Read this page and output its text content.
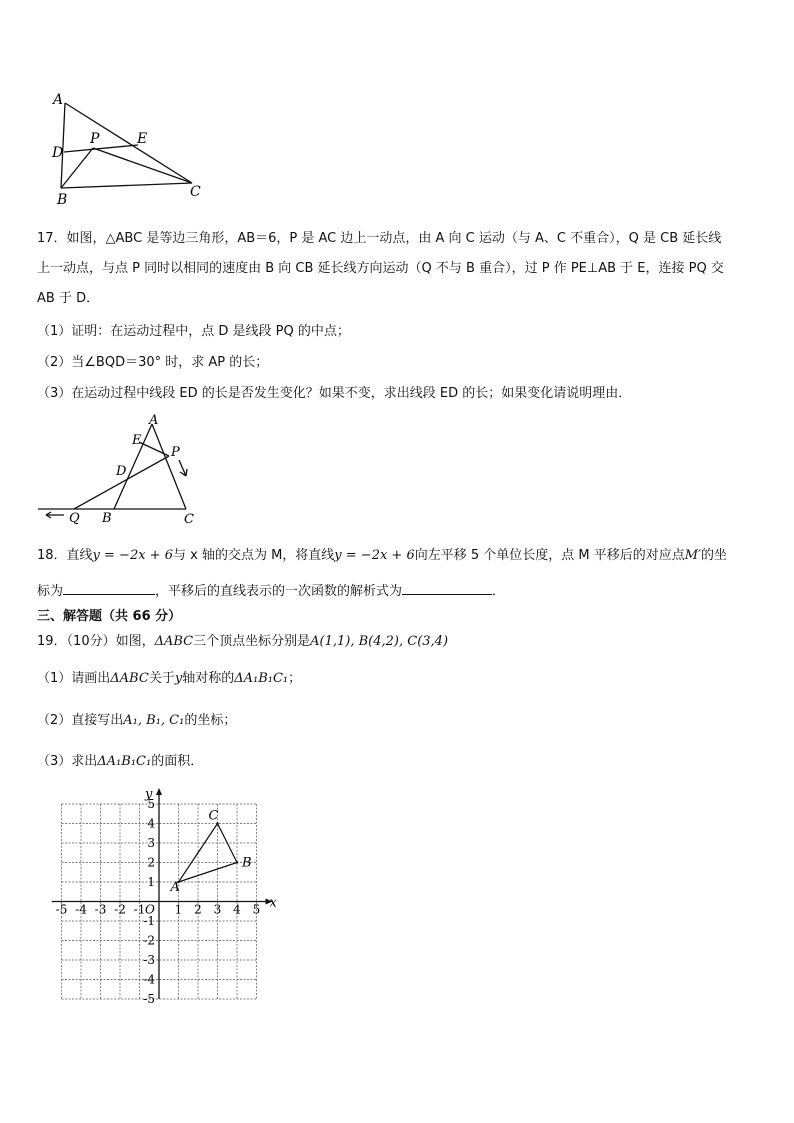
A
D
P	E
B	C
17．如图，△ABC 是等边三角形，AB＝6，P 是 AC 边上一动点，由 A 向 C 运动（与 A、C 不重合），Q 是 CB 延长线
上一动点，与点 P 同时以相同的速度由 B 向 CB 延长线方向运动（Q 不与 B 重合），过 P 作 PE⊥AB 于 E，连接 PQ 交
AB 于 D．
（1）证明：在运动过程中，点 D 是线段 PQ 的中点；
（2）当∠BQD＝30° 时，求 AP 的长；
（3）在运动过程中线段 ED 的长是否发生变化？如果不变，求出线段 ED 的长；如果变化请说明理由．
A
E
P
D
Q B	C
18．直线y = −2x + 6与 x 轴的交点为 M，将直线y = −2x + 6向左平移 5 个单位长度，点 M 平移后的对应点M′的坐
标为	，平移后的直线表示的一次函数的解析式为	．
三、解答题（共 66 分）
19．（10分）如图，ΔABC三个顶点坐标分别是A(1,1), B(4,2), C(3,4)
（1）请画出ΔABC关于y轴对称的ΔA₁B₁C₁；
（2）直接写出A₁, B₁, C₁的坐标；
（3）求出ΔA₁B₁C₁的面积．
x
y
O
-5 -4 -3 -2 -1 1 2 3 4 5
5
4
3
2
1
-1
-2
-3
-4
-5
A
B
C
